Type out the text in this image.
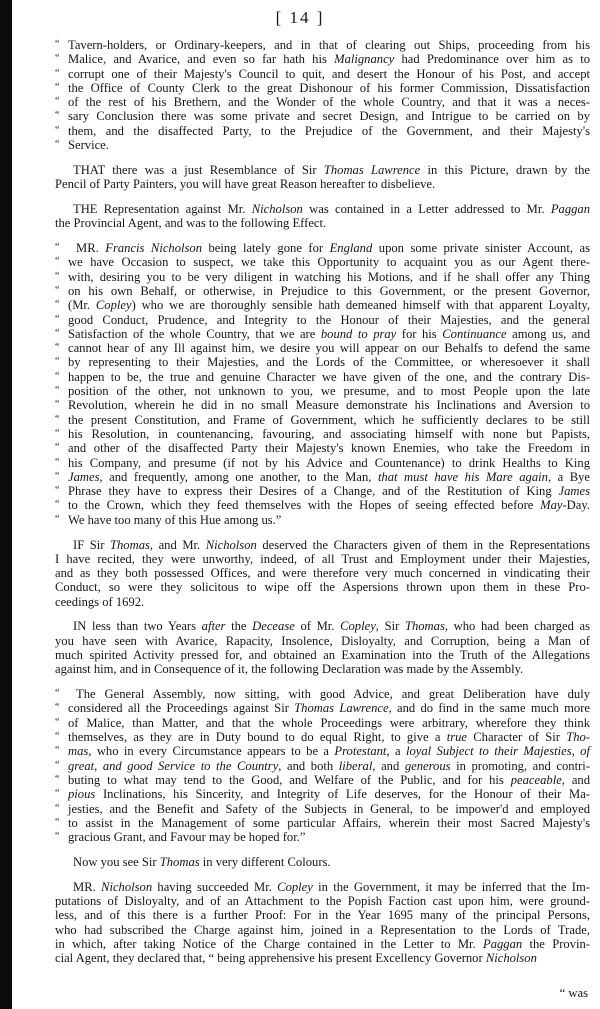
[ 14 ]
“ Tavern-holders, or Ordinary-keepers, and in that of clearing out Ships, proceeding from his
“ Malice, and Avarice, and even so far hath his Malignancy had Predominance over him as to
“ corrupt one of their Majesty's Council to quit, and desert the Honour of his Post, and accept
“ the Office of County Clerk to the great Dishonour of his former Commission, Dissatisfaction
“ of the rest of his Brethern, and the Wonder of the whole Country, and that it was a neces-
“ sary Conclusion there was some private and secret Design, and Intrigue to be carried on by
“ them, and the disaffected Party, to the Prejudice of the Government, and their Majesty's
“ Service.
THAT there was a just Resemblance of Sir Thomas Lawrence in this Picture, drawn by the
Pencil of Party Painters, you will have great Reason hereafter to disbelieve.
THE Representation against Mr. Nicholson was contained in a Letter addressed to Mr. Paggan
the Provincial Agent, and was to the following Effect.
“	MR. Francis Nicholson being lately gone for England upon some private sinister Account, as
“ we have Occasion to suspect, we take this Opportunity to acquaint you as our Agent there-
“ with, desiring you to be very diligent in watching his Motions, and if he shall offer any Thing
“ on his own Behalf, or otherwise, in Prejudice to this Government, or the present Governor,
“ (Mr. Copley) who we are thoroughly sensible hath demeaned himself with that apparent Loyalty,
“ good Conduct, Prudence, and Integrity to the Honour of their Majesties, and the general
“ Satisfaction of the whole Country, that we are bound to pray for his Continuance among us, and
“ cannot hear of any Ill against him, we desire you will appear on our Behalfs to defend the same
“ by representing to their Majesties, and the Lords of the Committee, or wheresoever it shall
“ happen to be, the true and genuine Character we have given of the one, and the contrary Dis-
“ position of the other, not unknown to you, we presume, and to most People upon the late
“ Revolution, wherein he did in no small Measure demonstrate his Inclinations and Aversion to
“ the present Constitution, and Frame of Government, which he sufficiently declares to be still
“ his Resolution, in countenancing, favouring, and associating himself with none but Papists,
“ and other of the disaffected Party their Majesty's known Enemies, who take the Freedom in
“ his Company, and presume (if not by his Advice and Countenance) to drink Healths to King
“ James, and frequently, among one another, to the Man, that must have his Mare again, a Bye
“ Phrase they have to express their Desires of a Change, and of the Restitution of King James
“ to the Crown, which they feed themselves with the Hopes of seeing effected before May-Day.
“ We have too many of this Hue among us.”
IF Sir Thomas, and Mr. Nicholson deserved the Characters given of them in the Representations
I have recited, they were unworthy, indeed, of all Trust and Employment under their Majesties,
and as they both possessed Offices, and were therefore very much concerned in vindicating their
Conduct, so were they solicitous to wipe off the Aspersions thrown upon them in these Pro-
ceedings of 1692.
IN less than two Years after the Decease of Mr. Copley, Sir Thomas, who had been charged as
you have seen with Avarice, Rapacity, Insolence, Disloyalty, and Corruption, being a Man of
much spirited Activity pressed for, and obtained an Examination into the Truth of the Allegations
against him, and in Consequence of it, the following Declaration was made by the Assembly.
“	The General Assembly, now sitting, with good Advice, and great Deliberation have duly
“ considered all the Proceedings against Sir Thomas Lawrence, and do find in the same much more
“ of Malice, than Matter, and that the whole Proceedings were arbitrary, wherefore they think
“ themselves, as they are in Duty bound to do equal Right, to give a true Character of Sir Tho-
“ mas, who in every Circumstance appears to be a Protestant, a loyal Subject to their Majesties, of
“ great, and good Service to the Country, and both liberal, and generous in promoting, and contri-
“ buting to what may tend to the Good, and Welfare of the Public, and for his peaceable, and
“ pious Inclinations, his Sincerity, and Integrity of Life deserves, for the Honour of their Ma-
“ jesties, and the Benefit and Safety of the Subjects in General, to be impower'd and employed
“ to assist in the Management of some particular Affairs, wherein their most Sacred Majesty's
“ gracious Grant, and Favour may be hoped for.”
Now you see Sir Thomas in very different Colours.
MR. Nicholson having succeeded Mr. Copley in the Government, it may be inferred that the Im-
putations of Disloyalty, and of an Attachment to the Popish Faction cast upon him, were ground-
less, and of this there is a further Proof: For in the Year 1695 many of the principal Persons,
who had subscribed the Charge against him, joined in a Representation to the Lords of Trade,
in which, after taking Notice of the Charge contained in the Letter to Mr. Paggan the Provin-
cial Agent, they declared that, “ being apprehensive his present Excellency Governor Nicholson
“ was
